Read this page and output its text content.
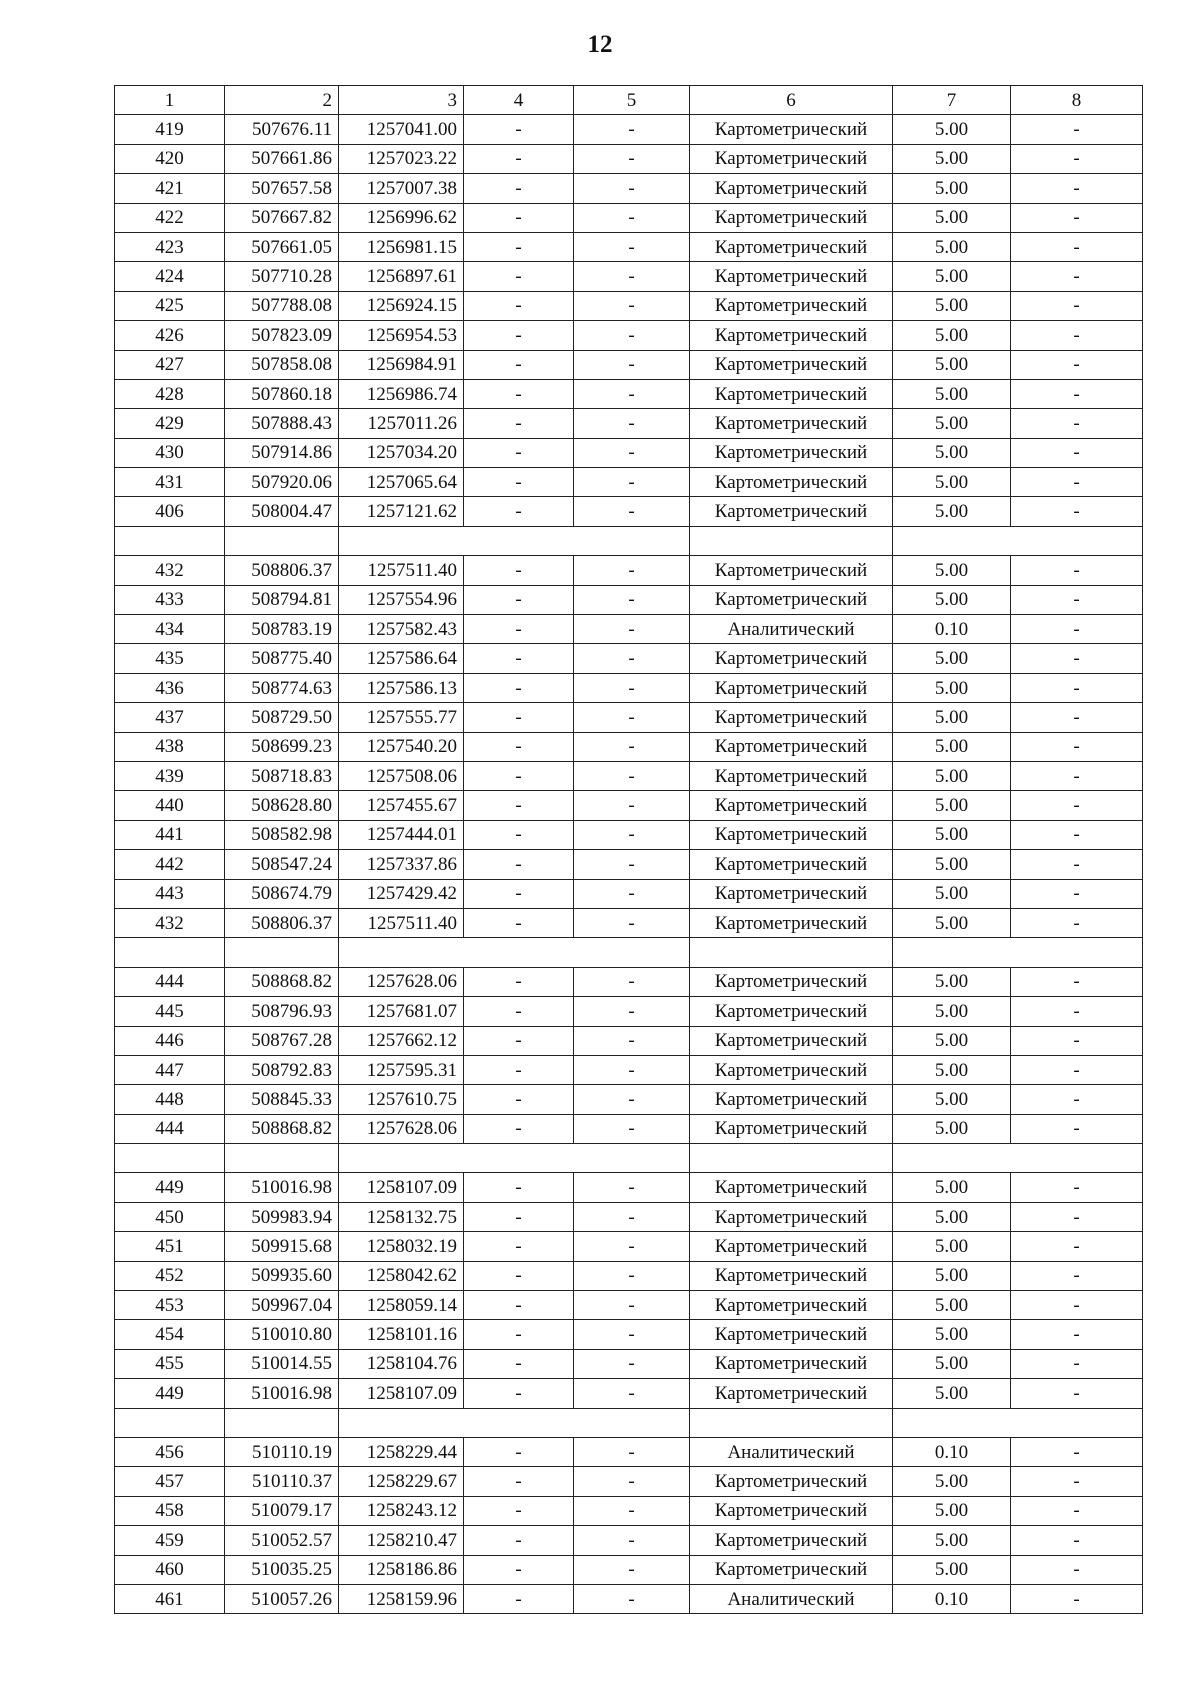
12
1	2	3	4	5	6	7	8
419	507676.11	1257041.00	-	-	Картометрический	5.00	-
420	507661.86	1257023.22	-	-	Картометрический	5.00	-
421	507657.58	1257007.38	-	-	Картометрический	5.00	-
422	507667.82	1256996.62	-	-	Картометрический	5.00	-
423	507661.05	1256981.15	-	-	Картометрический	5.00	-
424	507710.28	1256897.61	-	-	Картометрический	5.00	-
425	507788.08	1256924.15	-	-	Картометрический	5.00	-
426	507823.09	1256954.53	-	-	Картометрический	5.00	-
427	507858.08	1256984.91	-	-	Картометрический	5.00	-
428	507860.18	1256986.74	-	-	Картометрический	5.00	-
429	507888.43	1257011.26	-	-	Картометрический	5.00	-
430	507914.86	1257034.20	-	-	Картометрический	5.00	-
431	507920.06	1257065.64	-	-	Картометрический	5.00	-
406	508004.47	1257121.62	-	-	Картометрический	5.00	-

432	508806.37	1257511.40	-	-	Картометрический	5.00	-
433	508794.81	1257554.96	-	-	Картометрический	5.00	-
434	508783.19	1257582.43	-	-	Аналитический	0.10	-
435	508775.40	1257586.64	-	-	Картометрический	5.00	-
436	508774.63	1257586.13	-	-	Картометрический	5.00	-
437	508729.50	1257555.77	-	-	Картометрический	5.00	-
438	508699.23	1257540.20	-	-	Картометрический	5.00	-
439	508718.83	1257508.06	-	-	Картометрический	5.00	-
440	508628.80	1257455.67	-	-	Картометрический	5.00	-
441	508582.98	1257444.01	-	-	Картометрический	5.00	-
442	508547.24	1257337.86	-	-	Картометрический	5.00	-
443	508674.79	1257429.42	-	-	Картометрический	5.00	-
432	508806.37	1257511.40	-	-	Картометрический	5.00	-

444	508868.82	1257628.06	-	-	Картометрический	5.00	-
445	508796.93	1257681.07	-	-	Картометрический	5.00	-
446	508767.28	1257662.12	-	-	Картометрический	5.00	-
447	508792.83	1257595.31	-	-	Картометрический	5.00	-
448	508845.33	1257610.75	-	-	Картометрический	5.00	-
444	508868.82	1257628.06	-	-	Картометрический	5.00	-

449	510016.98	1258107.09	-	-	Картометрический	5.00	-
450	509983.94	1258132.75	-	-	Картометрический	5.00	-
451	509915.68	1258032.19	-	-	Картометрический	5.00	-
452	509935.60	1258042.62	-	-	Картометрический	5.00	-
453	509967.04	1258059.14	-	-	Картометрический	5.00	-
454	510010.80	1258101.16	-	-	Картометрический	5.00	-
455	510014.55	1258104.76	-	-	Картометрический	5.00	-
449	510016.98	1258107.09	-	-	Картометрический	5.00	-

456	510110.19	1258229.44	-	-	Аналитический	0.10	-
457	510110.37	1258229.67	-	-	Картометрический	5.00	-
458	510079.17	1258243.12	-	-	Картометрический	5.00	-
459	510052.57	1258210.47	-	-	Картометрический	5.00	-
460	510035.25	1258186.86	-	-	Картометрический	5.00	-
461	510057.26	1258159.96	-	-	Аналитический	0.10	-
